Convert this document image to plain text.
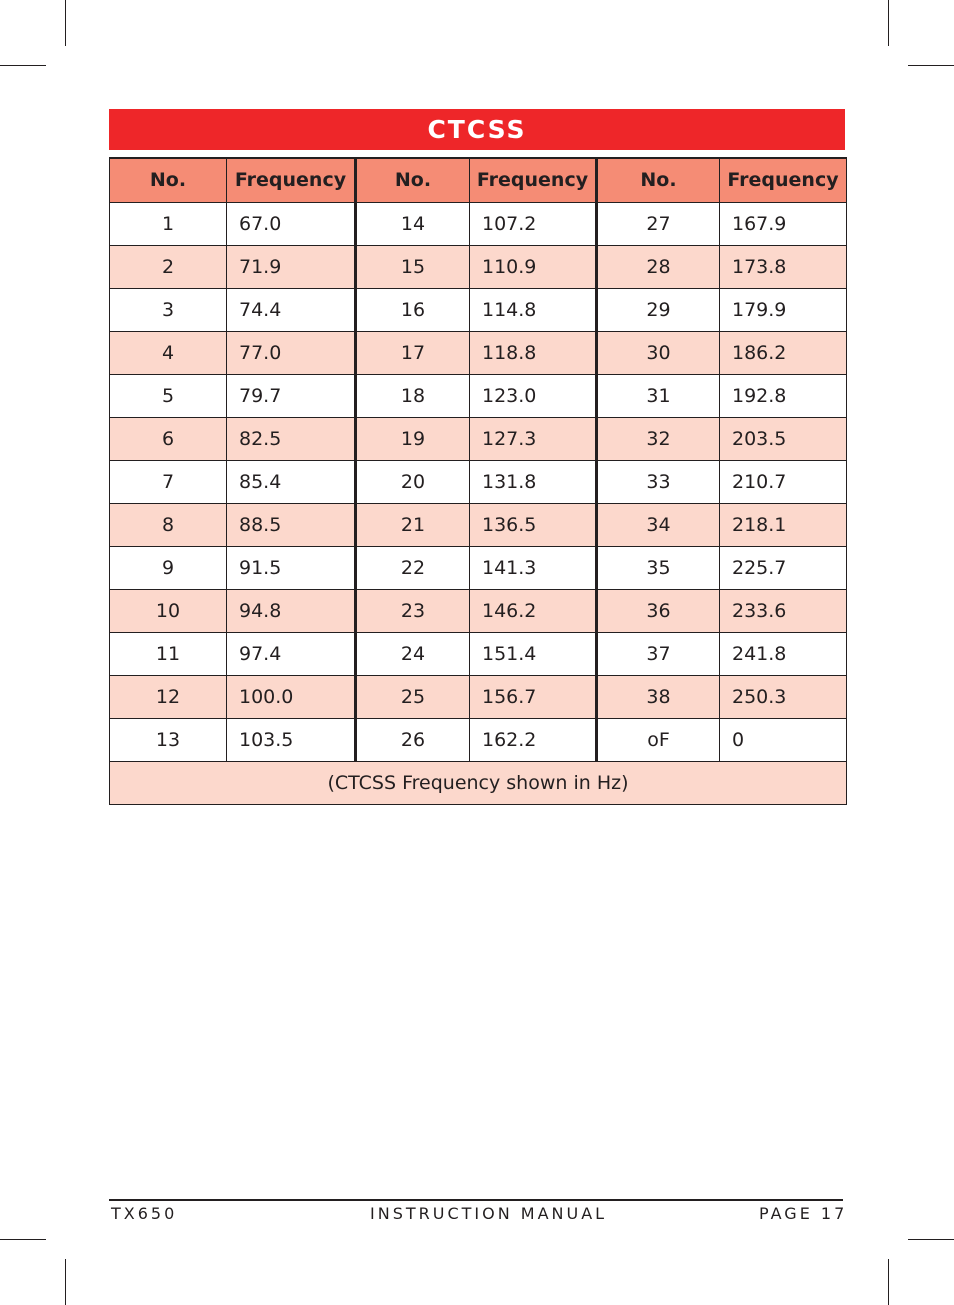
CTCSS
No.	Frequency	No.	Frequency	No.	Frequency
1	67.0	14	107.2	27	167.9
2	71.9	15	110.9	28	173.8
3	74.4	16	114.8	29	179.9
4	77.0	17	118.8	30	186.2
5	79.7	18	123.0	31	192.8
6	82.5	19	127.3	32	203.5
7	85.4	20	131.8	33	210.7
8	88.5	21	136.5	34	218.1
9	91.5	22	141.3	35	225.7
10	94.8	23	146.2	36	233.6
11	97.4	24	151.4	37	241.8
12	100.0	25	156.7	38	250.3
13	103.5	26	162.2	oF	0
(CTCSS Frequency shown in Hz)					
TX650	INSTRUCTION MANUAL	PAGE 17
